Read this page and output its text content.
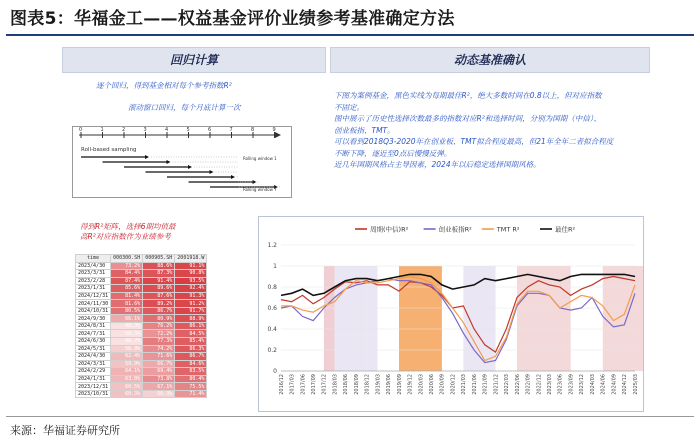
图表5：华福金工——权益基金评价业绩参考基准确定方法
回归计算	动态基准确认
逐个回归，得到基金相对每个参考指数R²
滚动窗口回归，每个月底计算一次
0	1	2	3	4	5	6	7	8	9
Roll-based sampling
Rolling window 1
Rolling window 7
下图为案例基金，黑色实线为每期最佳R²，绝大多数时间在0.8以上，但对应指数
不固定。
图中展示了历史性选择次数最多的指数对应R²和选择时间，分别为国期（中信）、
创业板指、TMT。
可以看到2018Q3-2020年在创业板、TMT拟合程度最高，但21年全年二者拟合程度
不断下降，逐近至0点后慢慢反弹。
近几年国期风格占主导因素，2024年以后稳定选择国期风格。
得到R²矩阵，选择6期均值最
高R²对应指数作为业绩参考
time	000300.SH	000905.SH	2001918.W
2023/4/30	73.2%	88.6%	91.1%
2023/3/31	84.4%	87.3%	90.8%
2023/2/28	87.4%	91.4%	93.5%
2023/1/31	85.6%	89.6%	92.4%
2024/12/31	81.4%	87.6%	91.3%
2024/11/30	81.6%	89.2%	91.2%
2024/10/31	80.5%	86.7%	91.7%
2024/9/30	66.1%	80.9%	88.9%
2024/8/31	48.3%	76.2%	86.1%
2024/7/31	50.3%	72.2%	84.5%
2024/6/30	48.7%	77.3%	85.4%
2024/5/31	56.9%	74.2%	86.3%
2024/4/30	62.4%	71.6%	86.7%
2024/3/31	59.9%	66.7%	84.6%
2024/2/29	64.1%	69.4%	83.5%
2024/1/31	63.0%	73.8%	80.4%
2023/12/31	60.5%	67.1%	75.5%
2023/10/31	60.3%	56.3%	71.4%
0
0.2
0.4
0.6
0.8
1
1.2
2016/12 2017/03 2017/06 2017/09 2017/12 2018/03 2018/06 2018/09 2018/12 2019/03 2019/06 2019/09 2019/12 2020/03 2020/06 2020/09 2020/12 2021/03 2021/06 2021/09 2021/12 2022/03 2022/06 2022/09 2022/12 2023/03 2023/06 2023/09 2023/12 2024/03 2024/06 2024/09 2024/12 2025/03
周期(中信)R²	创业板指R²	TMT R²	最佳R²
来源：华福证券研究所
